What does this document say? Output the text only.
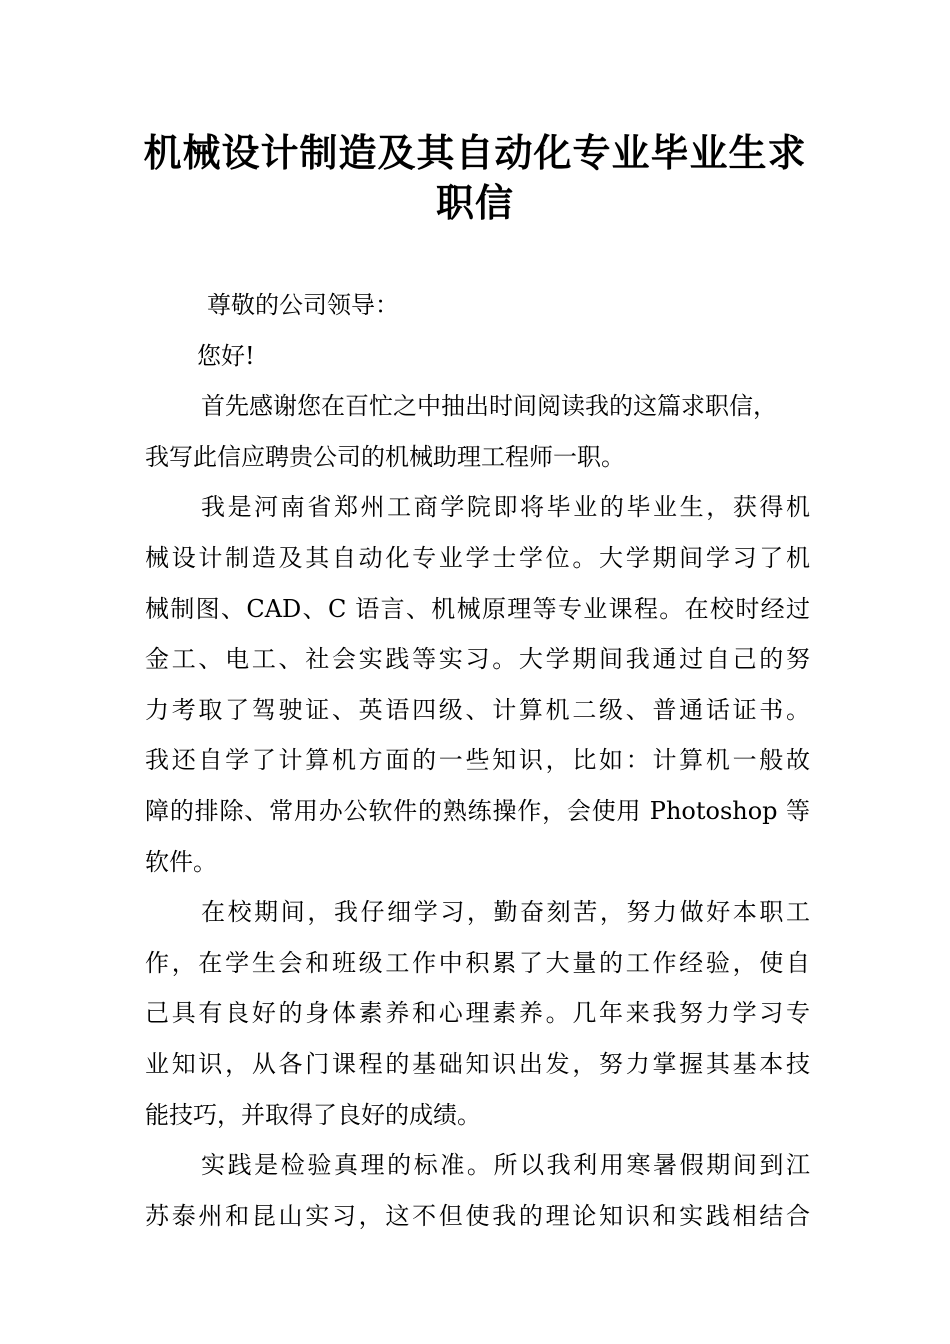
机械设计制造及其自动化专业毕业生求
职信
尊敬的公司领导：
您好!
首先感谢您在百忙之中抽出时间阅读我的这篇求职信，
我写此信应聘贵公司的机械助理工程师一职。
我是河南省郑州工商学院即将毕业的毕业生，获得机
械设计制造及其自动化专业学士学位。大学期间学习了机
械制图、CAD、C 语言、机械原理等专业课程。在校时经过
金工、电工、社会实践等实习。大学期间我通过自己的努
力考取了驾驶证、英语四级、计算机二级、普通话证书。
我还自学了计算机方面的一些知识，比如：计算机一般故
障的排除、常用办公软件的熟练操作，会使用 Photoshop 等
软件。
在校期间，我仔细学习，勤奋刻苦，努力做好本职工
作，在学生会和班级工作中积累了大量的工作经验，使自
己具有良好的身体素养和心理素养。几年来我努力学习专
业知识，从各门课程的基础知识出发，努力掌握其基本技
能技巧，并取得了良好的成绩。
实践是检验真理的标准。所以我利用寒暑假期间到江
苏泰州和昆山实习，这不但使我的理论知识和实践相结合
